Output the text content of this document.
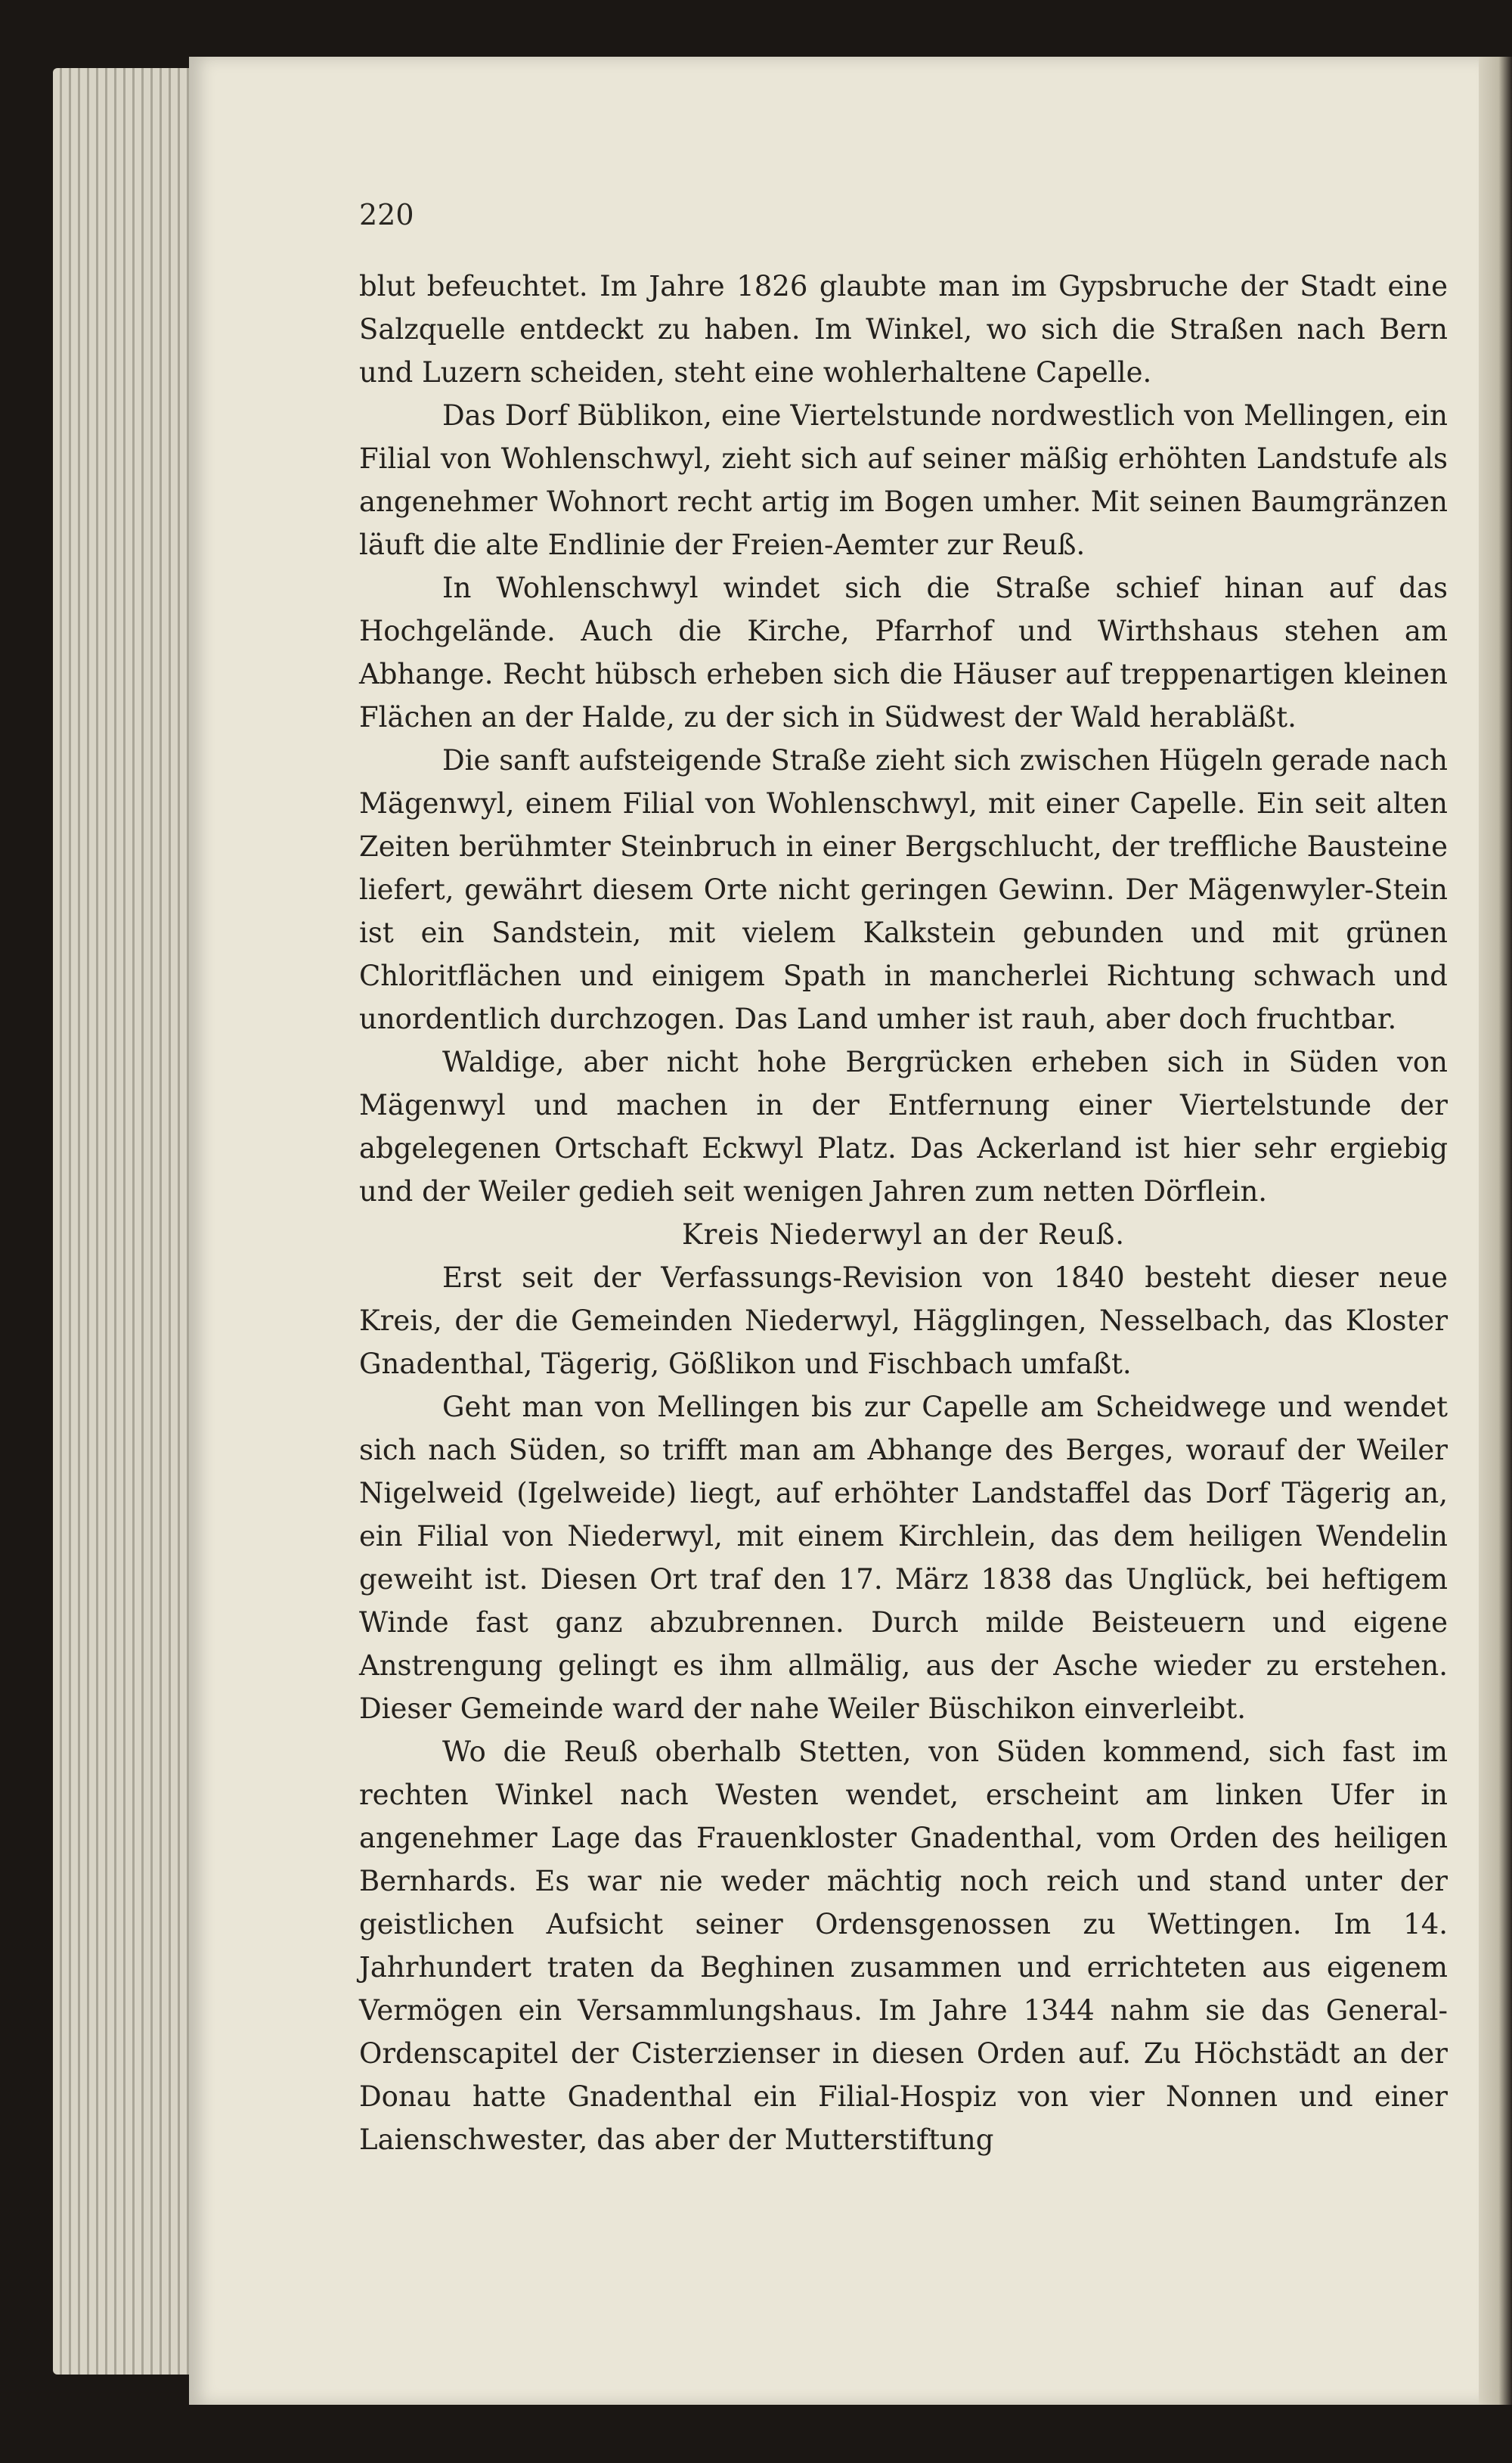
220

blut befeuchtet. Im Jahre 1826 glaubte man im Gypsbruche der Stadt eine Salzquelle entdeckt zu haben. Im Winkel, wo sich die Straßen nach Bern und Luzern scheiden, steht eine wohlerhaltene Capelle.

Das Dorf Büblikon, eine Viertelstunde nordwestlich von Mellingen, ein Filial von Wohlenschwyl, zieht sich auf seiner mäßig erhöhten Landstufe als angenehmer Wohnort recht artig im Bogen umher. Mit seinen Baumgränzen läuft die alte Endlinie der Freien-Aemter zur Reuß.

In Wohlenschwyl windet sich die Straße schief hinan auf das Hochgelände. Auch die Kirche, Pfarrhof und Wirthshaus stehen am Abhange. Recht hübsch erheben sich die Häuser auf treppenartigen kleinen Flächen an der Halde, zu der sich in Südwest der Wald herabläßt.

Die sanft aufsteigende Straße zieht sich zwischen Hügeln gerade nach Mägenwyl, einem Filial von Wohlenschwyl, mit einer Capelle. Ein seit alten Zeiten berühmter Steinbruch in einer Bergschlucht, der treffliche Bausteine liefert, gewährt diesem Orte nicht geringen Gewinn. Der Mägenwyler-Stein ist ein Sandstein, mit vielem Kalkstein gebunden und mit grünen Chloritflächen und einigem Spath in mancherlei Richtung schwach und unordentlich durchzogen. Das Land umher ist rauh, aber doch fruchtbar.

Waldige, aber nicht hohe Bergrücken erheben sich in Süden von Mägenwyl und machen in der Entfernung einer Viertelstunde der abgelegenen Ortschaft Eckwyl Platz. Das Ackerland ist hier sehr ergiebig und der Weiler gedieh seit wenigen Jahren zum netten Dörflein.

Kreis Niederwyl an der Reuß.

Erst seit der Verfassungs-Revision von 1840 besteht dieser neue Kreis, der die Gemeinden Niederwyl, Hägglingen, Nesselbach, das Kloster Gnadenthal, Tägerig, Gößlikon und Fischbach umfaßt.

Geht man von Mellingen bis zur Capelle am Scheidwege und wendet sich nach Süden, so trifft man am Abhange des Berges, worauf der Weiler Nigelweid (Igelweide) liegt, auf erhöhter Landstaffel das Dorf Tägerig an, ein Filial von Niederwyl, mit einem Kirchlein, das dem heiligen Wendelin geweiht ist. Diesen Ort traf den 17. März 1838 das Unglück, bei heftigem Winde fast ganz abzubrennen. Durch milde Beisteuern und eigene Anstrengung gelingt es ihm allmälig, aus der Asche wieder zu erstehen. Dieser Gemeinde ward der nahe Weiler Büschikon einverleibt.

Wo die Reuß oberhalb Stetten, von Süden kommend, sich fast im rechten Winkel nach Westen wendet, erscheint am linken Ufer in angenehmer Lage das Frauenkloster Gnadenthal, vom Orden des heiligen Bernhards. Es war nie weder mächtig noch reich und stand unter der geistlichen Aufsicht seiner Ordensgenossen zu Wettingen. Im 14. Jahrhundert traten da Beghinen zusammen und errichteten aus eigenem Vermögen ein Versammlungshaus. Im Jahre 1344 nahm sie das General-Ordenscapitel der Cisterzienser in diesen Orden auf. Zu Höchstädt an der Donau hatte Gnadenthal ein Filial-Hospiz von vier Nonnen und einer Laienschwester, das aber der Mutterstiftung
